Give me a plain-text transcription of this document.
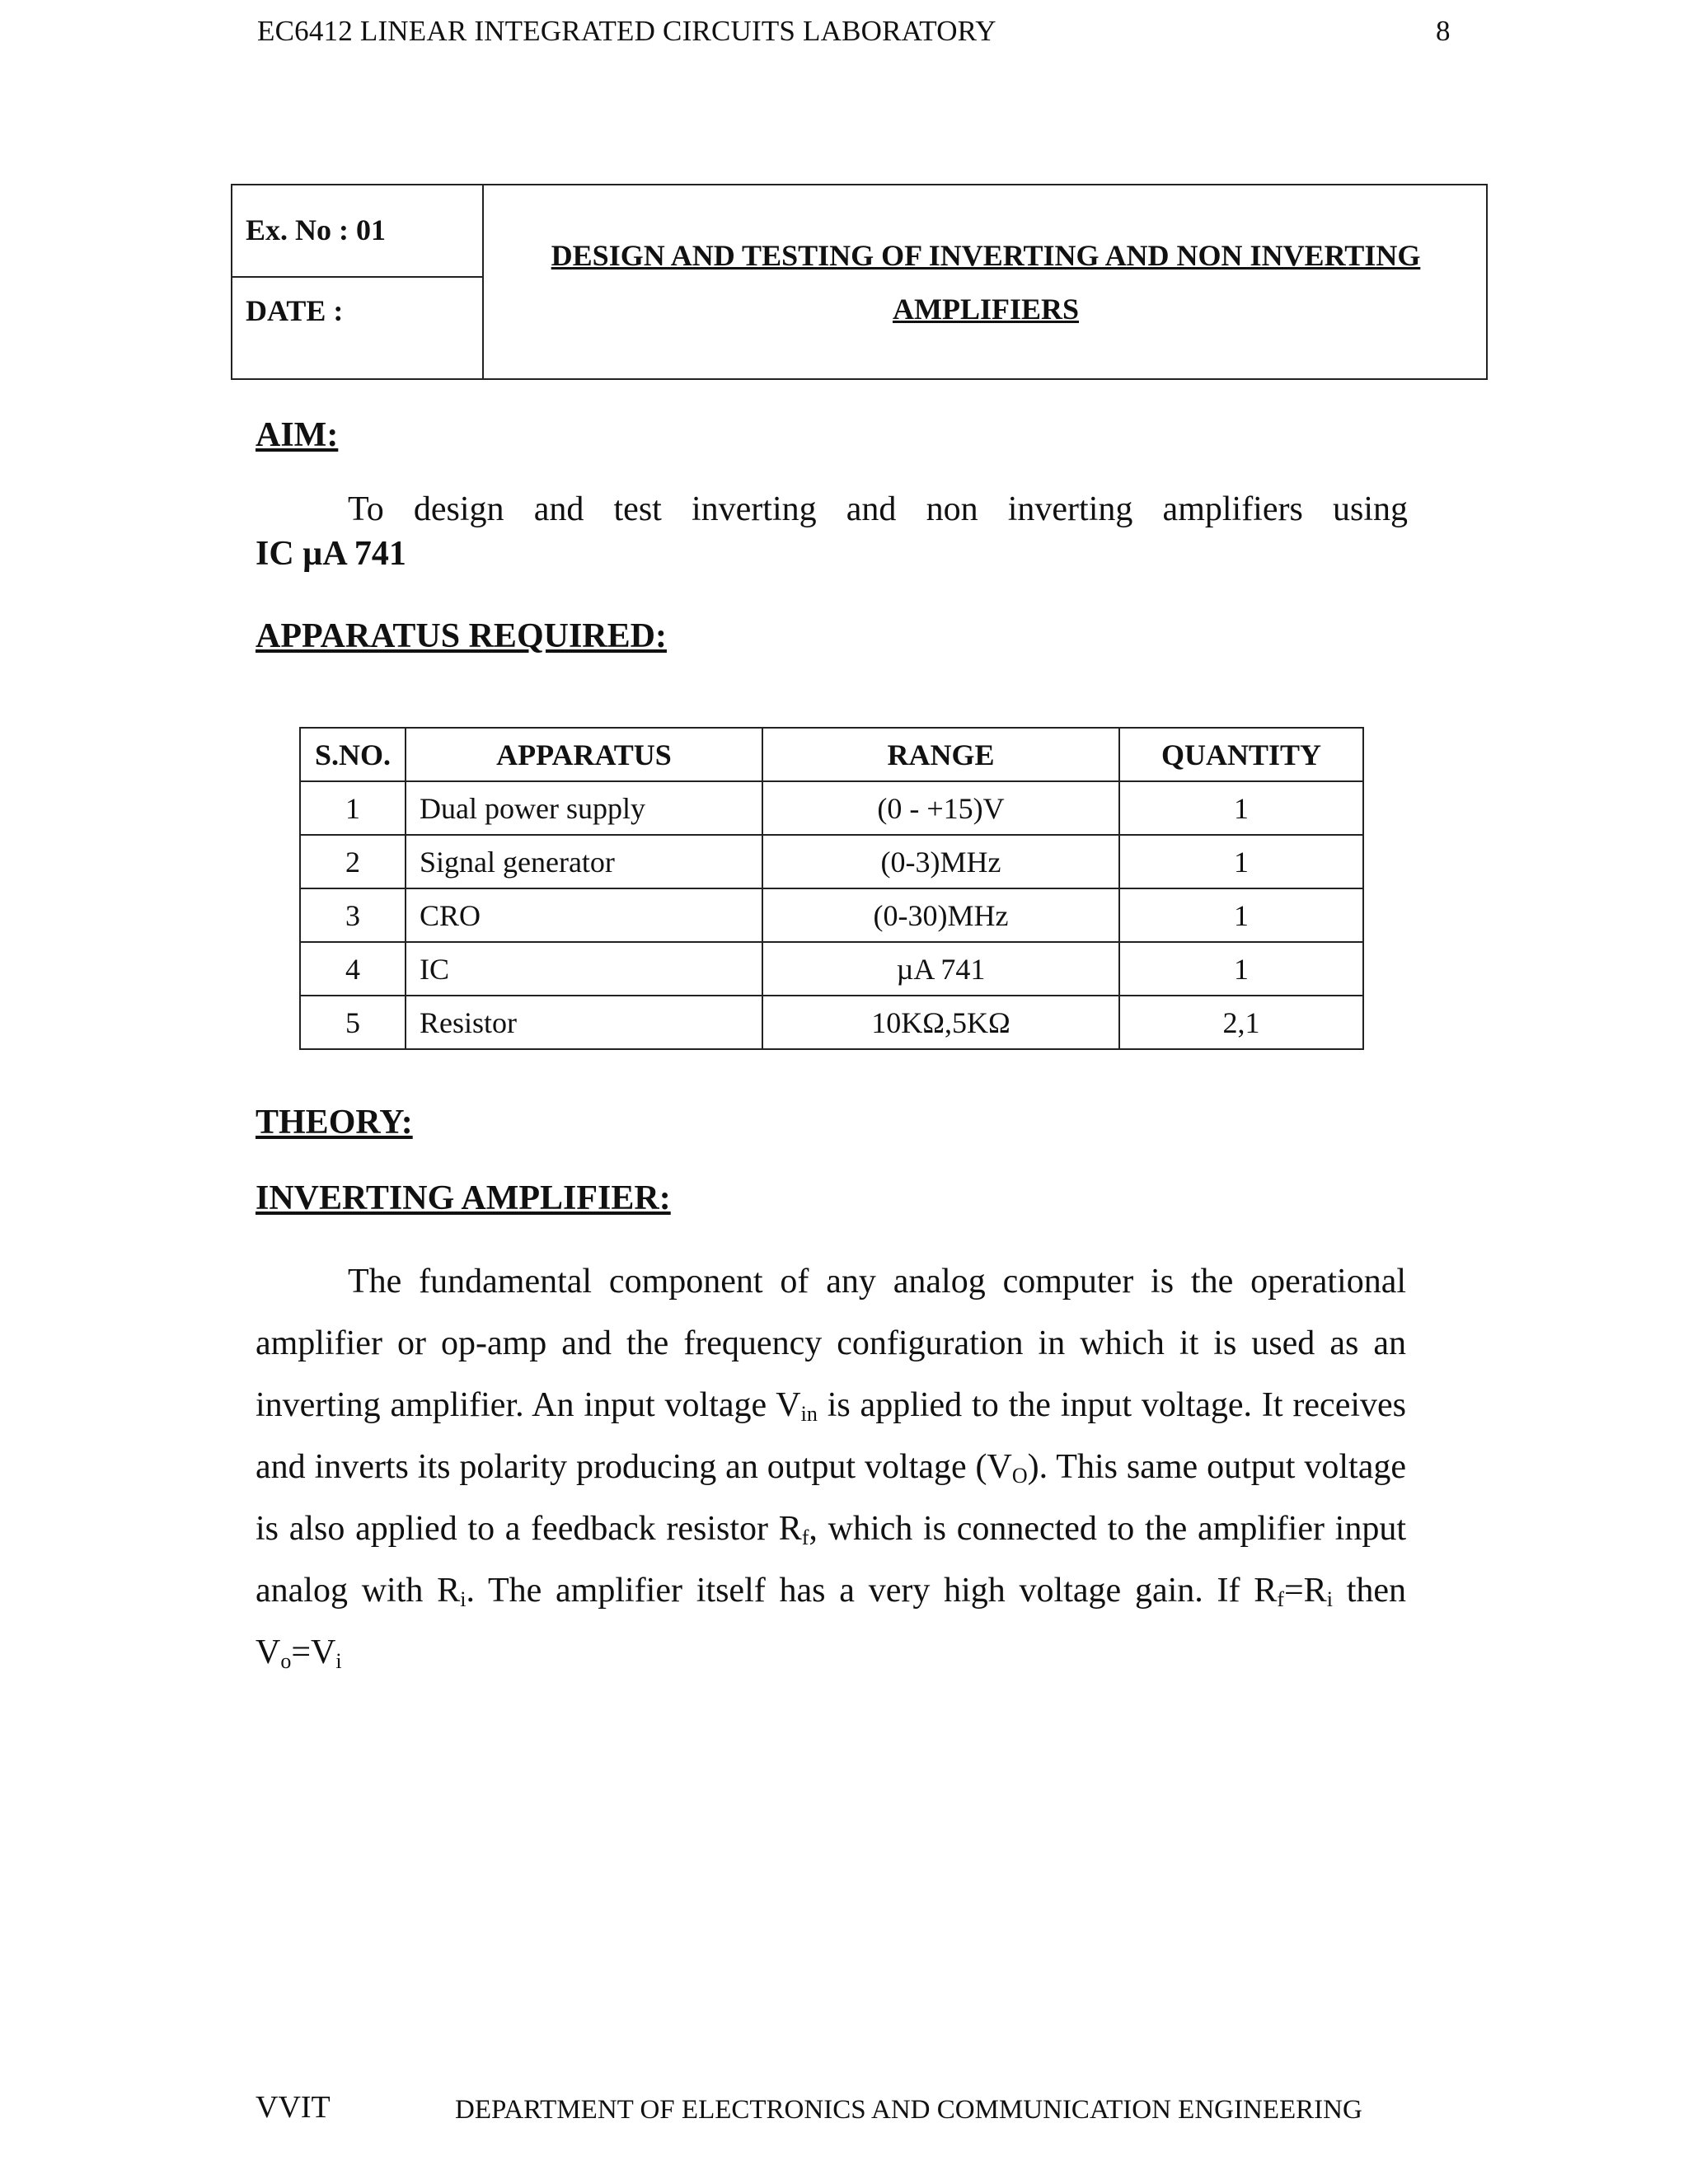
EC6412 LINEAR INTEGRATED CIRCUITS LABORATORY	8
Ex. No : 01
DATE :
DESIGN AND TESTING OF INVERTING AND NON INVERTING
AMPLIFIERS
AIM:
To design and test inverting and non inverting amplifiers using
IC µA 741
APPARATUS REQUIRED:
S.NO.	APPARATUS	RANGE	QUANTITY
1	Dual power supply	(0 - +15)V	1
2	Signal generator	(0-3)MHz	1
3	CRO	(0-30)MHz	1
4	IC	µA 741	1
5	Resistor	10KΩ,5KΩ	2,1
THEORY:
INVERTING AMPLIFIER:
The fundamental component of any analog computer is the operational amplifier or op-amp and the frequency configuration in which it is used as an inverting amplifier. An input voltage $V_{in}$ is applied to the input voltage. It receives and inverts its polarity producing an output voltage $(V_O)$. This same output voltage is also applied to a feedback resistor $R_f$, which is connected to the amplifier input analog with $R_i$. The amplifier itself has a very high voltage gain. If $R_f=R_i$ then $V_o=V_i$
VVIT	DEPARTMENT OF ELECTRONICS AND COMMUNICATION ENGINEERING
